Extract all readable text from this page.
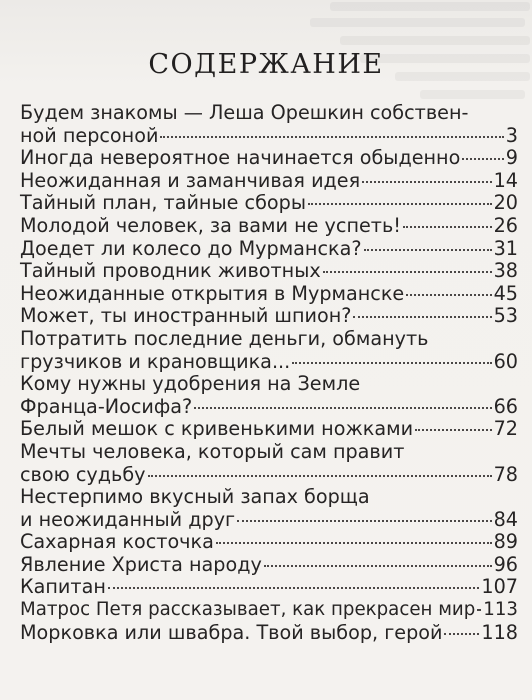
СОДЕРЖАНИЕ
Будем знакомы — Леша Орешкин собствен-
ной персоной	3
Иногда невероятное начинается обыденно 9
Неожиданная и заманчивая идея	14
Тайный план, тайные сборы	20
Молодой человек, за вами не успеть!	26
Доедет ли колесо до Мурманска?	31
Тайный проводник животных	38
Неожиданные открытия в Мурманске	45
Может, ты иностранный шпион?	53
Потратить последние деньги, обмануть
грузчиков и крановщика...	60
Кому нужны удобрения на Земле
Франца-Иосифа?	66
Белый мешок с кривенькими ножками	72
Мечты человека, который сам правит
свою судьбу	78
Нестерпимо вкусный запах борща
и неожиданный друг	84
Сахарная косточка	89
Явление Христа народу	96
Капитан	107
Матрос Петя рассказывает, как прекрасен мир 113
Морковка или швабра. Твой выбор, герой 118
